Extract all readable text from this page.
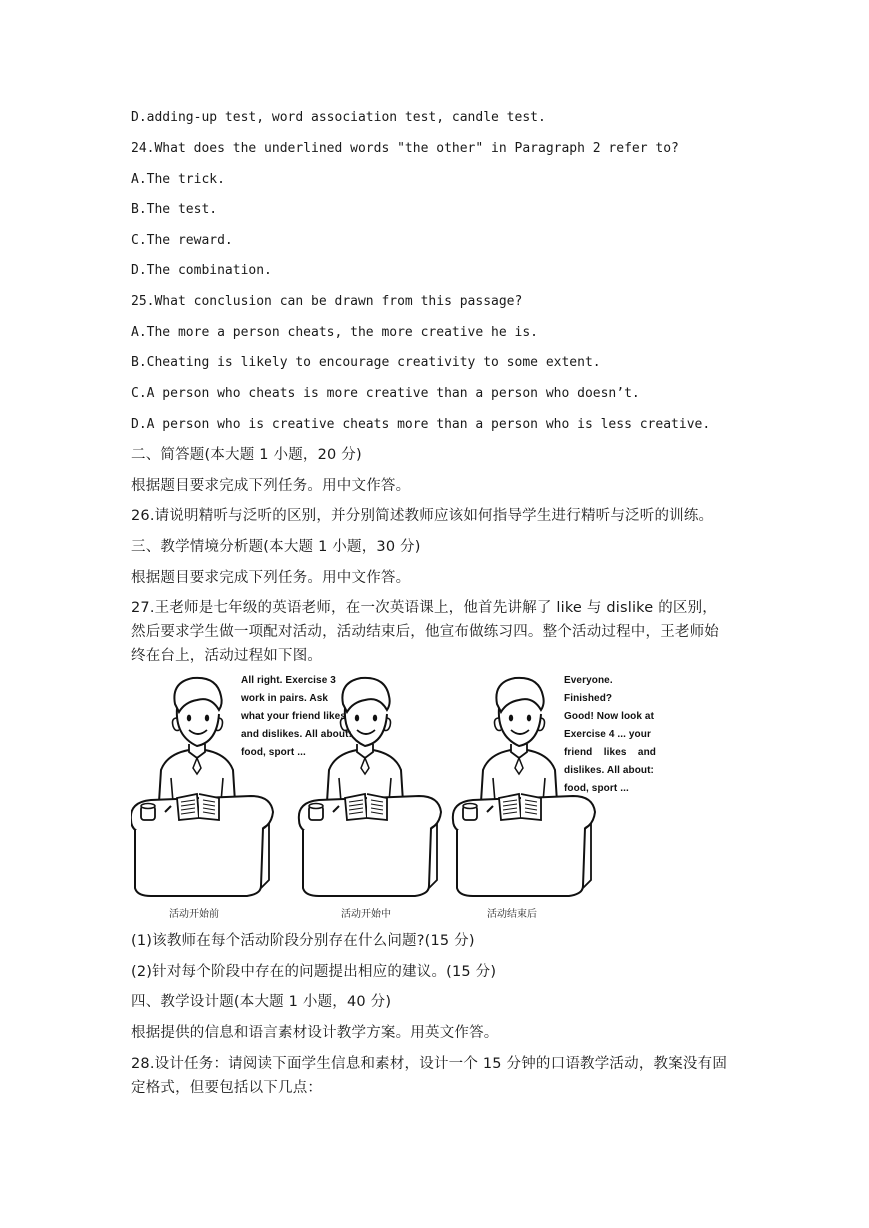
D.adding-up test, word association test, candle test.
24.What does the underlined words "the other" in Paragraph 2 refer to?
A.The trick.
B.The test.
C.The reward.
D.The combination.
25.What conclusion can be drawn from this passage?
A.The more a person cheats, the more creative he is.
B.Cheating is likely to encourage creativity to some extent.
C.A person who cheats is more creative than a person who doesn’t.
D.A person who is creative cheats more than a person who is less creative.
二、简答题(本大题 1 小题，20 分)
根据题目要求完成下列任务。用中文作答。
26.请说明精听与泛听的区别，并分别简述教师应该如何指导学生进行精听与泛听的训练。
三、教学情境分析题(本大题 1 小题，30 分)
根据题目要求完成下列任务。用中文作答。
27.王老师是七年级的英语老师，在一次英语课上，他首先讲解了 like 与 dislike 的区别，
然后要求学生做一项配对活动，活动结束后，他宣布做练习四。整个活动过程中，王老师始
终在台上，活动过程如下图。
All right. Exercise 3
work in pairs. Ask
what your friend likes
and dislikes. All about:
food, sport ...
Everyone. Finished?
Good! Now look at
Exercise 4 ... your
friend likes and
dislikes. All about:
food, sport ...
活动开始前	活动开始中	活动结束后
(1)该教师在每个活动阶段分别存在什么问题?(15 分)
(2)针对每个阶段中存在的问题提出相应的建议。(15 分)
四、教学设计题(本大题 1 小题，40 分)
根据提供的信息和语言素材设计教学方案。用英文作答。
28.设计任务：请阅读下面学生信息和素材，设计一个 15 分钟的口语教学活动，教案没有固
定格式，但要包括以下几点：
